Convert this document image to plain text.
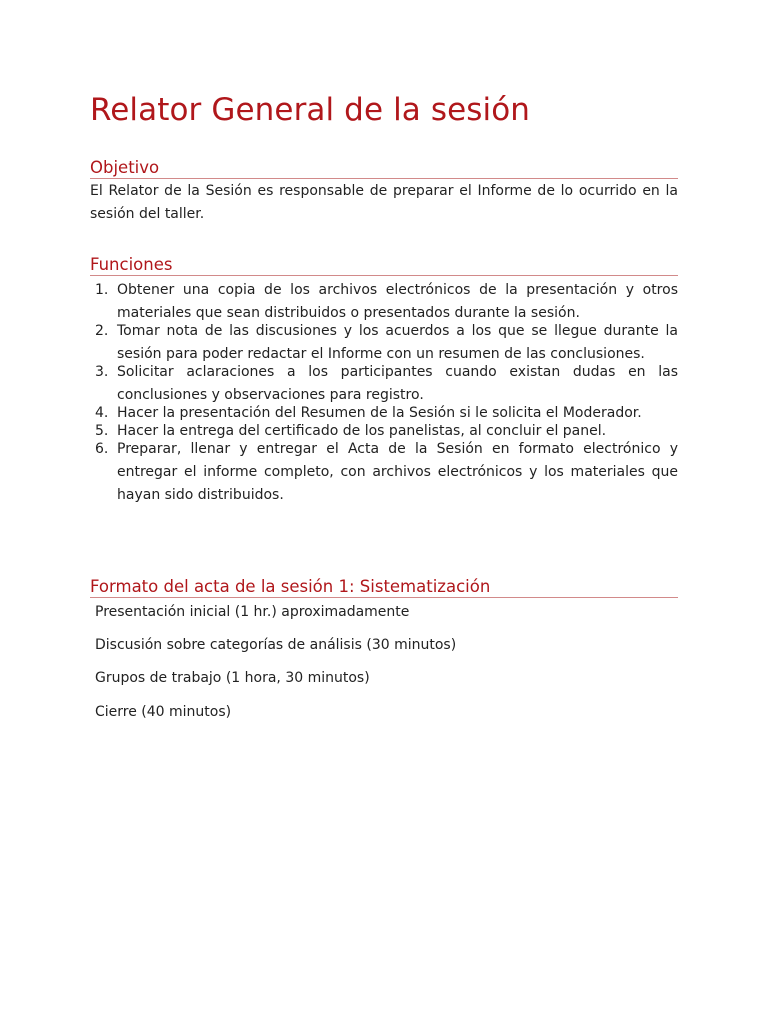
Relator General de la sesión
Objetivo

El Relator de la Sesión es responsable de preparar el Informe de lo ocurrido en la sesión del taller.

Funciones
1. Obtener una copia de los archivos electrónicos de la presentación y otros materiales que sean distribuidos o presentados durante la sesión.
2. Tomar nota de las discusiones y los acuerdos a los que se llegue durante la sesión para poder redactar el Informe con un resumen de las conclusiones.
3. Solicitar aclaraciones a los participantes cuando existan dudas en las conclusiones y observaciones para registro.
4. Hacer la presentación del Resumen de la Sesión si le solicita el Moderador.
5. Hacer la entrega del certificado de los panelistas, al concluir el panel.
6. Preparar, llenar y entregar el Acta de la Sesión en formato electrónico y entregar el informe completo, con archivos electrónicos y los materiales que hayan sido distribuidos.
Formato del acta de la sesión 1: Sistematización

Presentación inicial (1 hr.) aproximadamente

Discusión sobre categorías de análisis (30 minutos)

Grupos de trabajo (1 hora, 30 minutos)

Cierre (40 minutos)
